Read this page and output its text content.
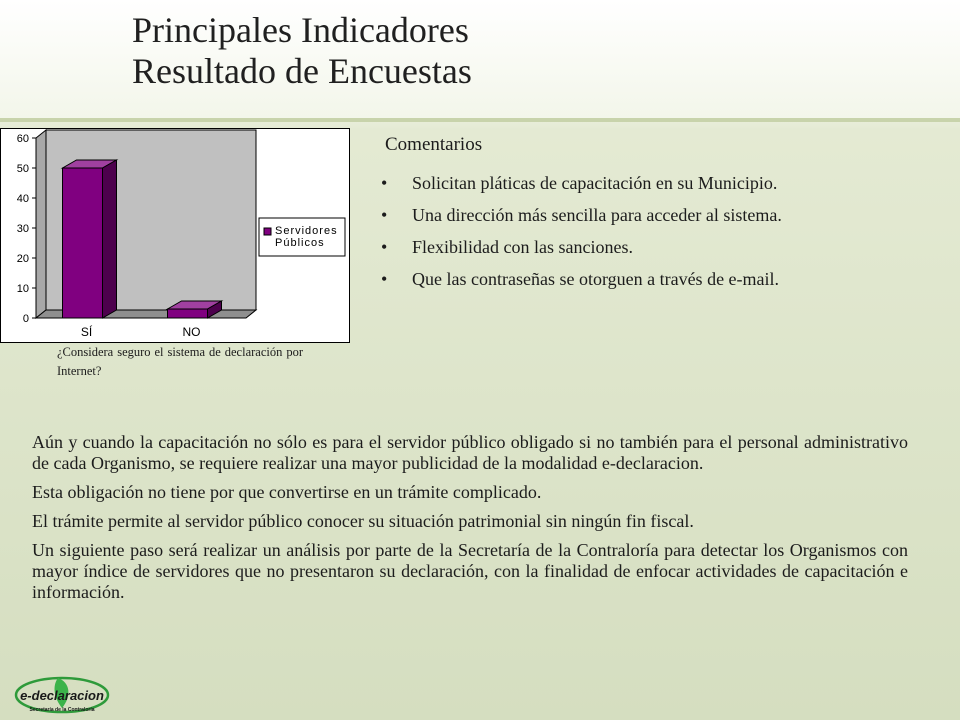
Principales Indicadores
Resultado de Encuestas
0
10
20
30
40
50
60
SÍ	NO
Servidores
Públicos
¿Considera seguro el sistema de declaración por Internet?
Comentarios
• Solicitan pláticas de capacitación en su Municipio.
• Una dirección más sencilla para acceder al sistema.
• Flexibilidad con las sanciones.
• Que las contraseñas se otorguen a través de e-mail.

Aún y cuando la capacitación no sólo es para el servidor público obligado si no también para el personal administrativo de cada Organismo, se requiere realizar una mayor publicidad de la modalidad e-declaracion.

Esta obligación no tiene por que convertirse en un trámite complicado.

El trámite permite al servidor público conocer su situación patrimonial sin ningún fin fiscal.

Un siguiente paso será realizar un análisis por parte de la Secretaría de la Contraloría para detectar los Organismos con mayor índice de servidores que no presentaron su declaración, con la finalidad de enfocar actividades de capacitación e información.

e-declaracion
Secretaría de la Contraloría
